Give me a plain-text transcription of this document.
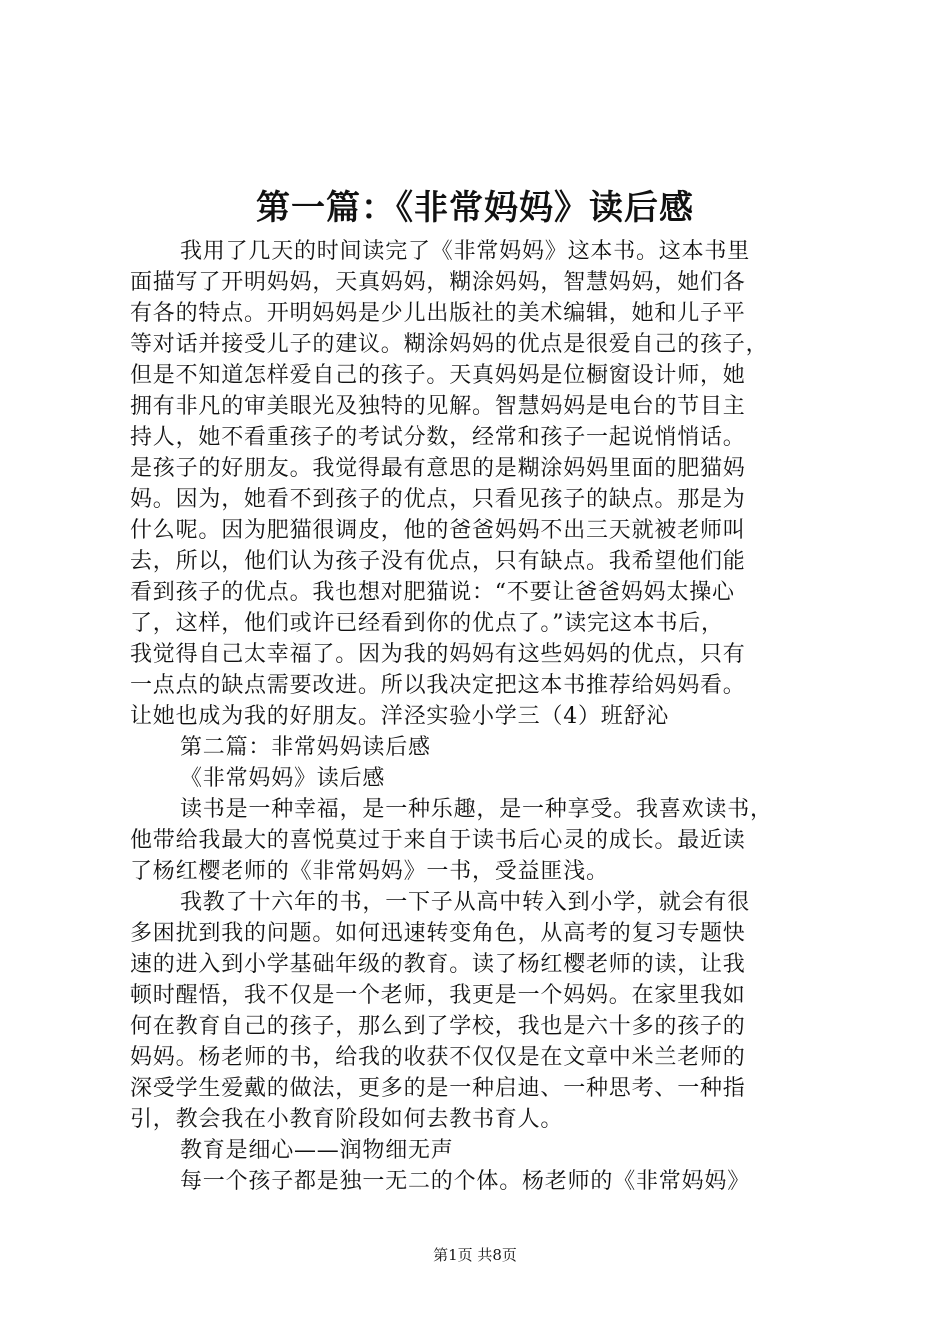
第一篇：《非常妈妈》读后感
我用了几天的时间读完了《非常妈妈》这本书。这本书里
面描写了开明妈妈，天真妈妈，糊涂妈妈，智慧妈妈，她们各
有各的特点。开明妈妈是少儿出版社的美术编辑，她和儿子平
等对话并接受儿子的建议。糊涂妈妈的优点是很爱自己的孩子，
但是不知道怎样爱自己的孩子。天真妈妈是位橱窗设计师，她
拥有非凡的审美眼光及独特的见解。智慧妈妈是电台的节目主
持人，她不看重孩子的考试分数，经常和孩子一起说悄悄话。
是孩子的好朋友。我觉得最有意思的是糊涂妈妈里面的肥猫妈
妈。因为，她看不到孩子的优点，只看见孩子的缺点。那是为
什么呢。因为肥猫很调皮，他的爸爸妈妈不出三天就被老师叫
去，所以，他们认为孩子没有优点，只有缺点。我希望他们能
看到孩子的优点。我也想对肥猫说：“不要让爸爸妈妈太操心
了，这样，他们或许已经看到你的优点了。”读完这本书后，
我觉得自己太幸福了。因为我的妈妈有这些妈妈的优点，只有
一点点的缺点需要改进。所以我决定把这本书推荐给妈妈看。
让她也成为我的好朋友。洋泾实验小学三（4）班舒沁
第二篇：非常妈妈读后感
《非常妈妈》读后感
读书是一种幸福，是一种乐趣，是一种享受。我喜欢读书，
他带给我最大的喜悦莫过于来自于读书后心灵的成长。最近读
了杨红樱老师的《非常妈妈》一书，受益匪浅。
我教了十六年的书，一下子从高中转入到小学，就会有很
多困扰到我的问题。如何迅速转变角色，从高考的复习专题快
速的进入到小学基础年级的教育。读了杨红樱老师的读，让我
顿时醒悟，我不仅是一个老师，我更是一个妈妈。在家里我如
何在教育自己的孩子，那么到了学校，我也是六十多的孩子的
妈妈。杨老师的书，给我的收获不仅仅是在文章中米兰老师的
深受学生爱戴的做法，更多的是一种启迪、一种思考、一种指
引，教会我在小教育阶段如何去教书育人。
教育是细心——润物细无声
每一个孩子都是独一无二的个体。杨老师的《非常妈妈》
第1页 共8页
